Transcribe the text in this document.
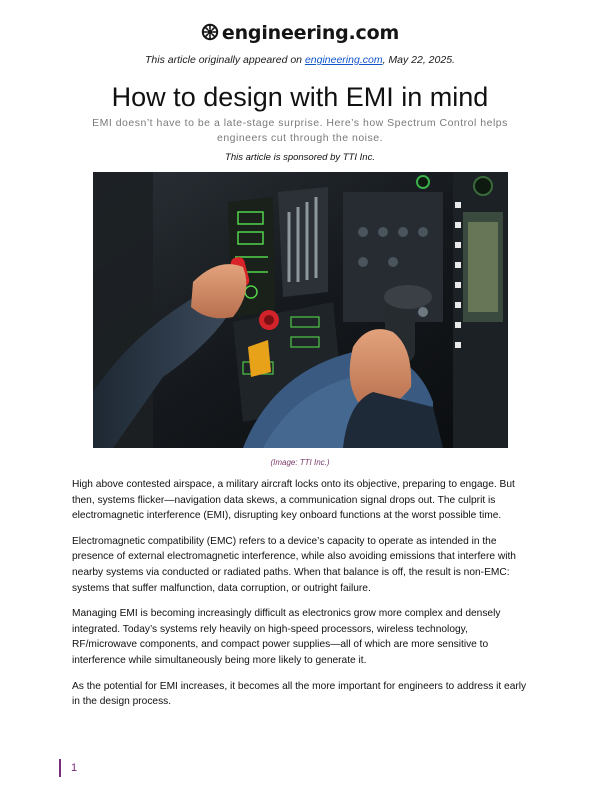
engineering.com
This article originally appeared on engineering.com, May 22, 2025.
How to design with EMI in mind
EMI doesn’t have to be a late-stage surprise. Here’s how Spectrum Control helps engineers cut through the noise.
This article is sponsored by TTI Inc.
(Image: TTI Inc.)

High above contested airspace, a military aircraft locks onto its objective, preparing to engage. But then, systems flicker—navigation data skews, a communication signal drops out. The culprit is electromagnetic interference (EMI), disrupting key onboard functions at the worst possible time.

Electromagnetic compatibility (EMC) refers to a device’s capacity to operate as intended in the presence of external electromagnetic interference, while also avoiding emissions that interfere with nearby systems via conducted or radiated paths. When that balance is off, the result is non-EMC: systems that suffer malfunction, data corruption, or outright failure.

Managing EMI is becoming increasingly difficult as electronics grow more complex and densely integrated. Today’s systems rely heavily on high-speed processors, wireless technology, RF/microwave components, and compact power supplies—all of which are more sensitive to interference while simultaneously being more likely to generate it.

As the potential for EMI increases, it becomes all the more important for engineers to address it early in the design process.

1
